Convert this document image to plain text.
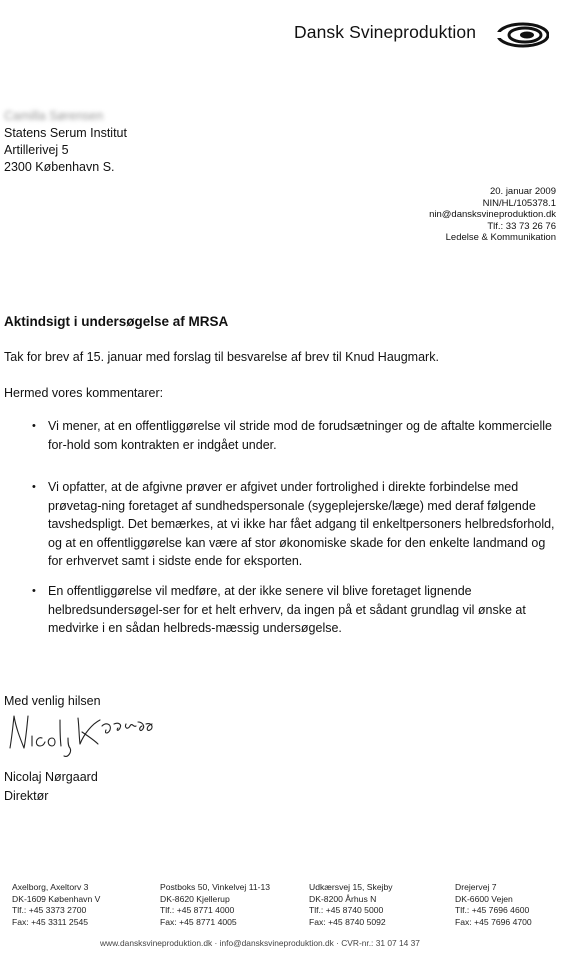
Dansk Svineproduktion
Camilla Sørensen
Statens Serum Institut
Artillerivej 5
2300 København S.
20. januar 2009
NIN/HL/105378.1
nin@dansksvineproduktion.dk
Tlf.: 33 73 26 76
Ledelse & Kommunikation
Aktindsigt i undersøgelse af MRSA
Tak for brev af 15. januar med forslag til besvarelse af brev til Knud Haugmark.
Hermed vores kommentarer:
• Vi mener, at en offentliggørelse vil stride mod de forudsætninger og de aftalte kommercielle for-hold som kontrakten er indgået under.

• Vi opfatter, at de afgivne prøver er afgivet under fortrolighed i direkte forbindelse med prøvetag-ning foretaget af sundhedspersonale (sygeplejerske/læge) med deraf følgende tavshedspligt. Det bemærkes, at vi ikke har fået adgang til enkeltpersoners helbredsforhold, og at en offentliggørelse kan være af stor økonomiske skade for den enkelte landmand og for erhvervet samt i sidste ende for eksporten.

• En offentliggørelse vil medføre, at der ikke senere vil blive foretaget lignende helbredsundersøgel-ser for et helt erhverv, da ingen på et sådant grundlag vil ønske at medvirke i en sådan helbreds-mæssig undersøgelse.

Med venlig hilsen
Nicolaj Nørgaard
Direktør
Axelborg, Axeltorv 3
DK-1609 København V
Tlf.: +45 3373 2700
Fax: +45 3311 2545
Postboks 50, Vinkelvej 11-13
DK-8620 Kjellerup
Tlf.: +45 8771 4000
Fax: +45 8771 4005
Udkærsvej 15, Skejby
DK-8200 Århus N
Tlf.: +45 8740 5000
Fax: +45 8740 5092
Drejervej 7
DK-6600 Vejen
Tlf.: +45 7696 4600
Fax: +45 7696 4700
www.dansksvineproduktion.dk · info@dansksvineproduktion.dk · CVR-nr.: 31 07 14 37
